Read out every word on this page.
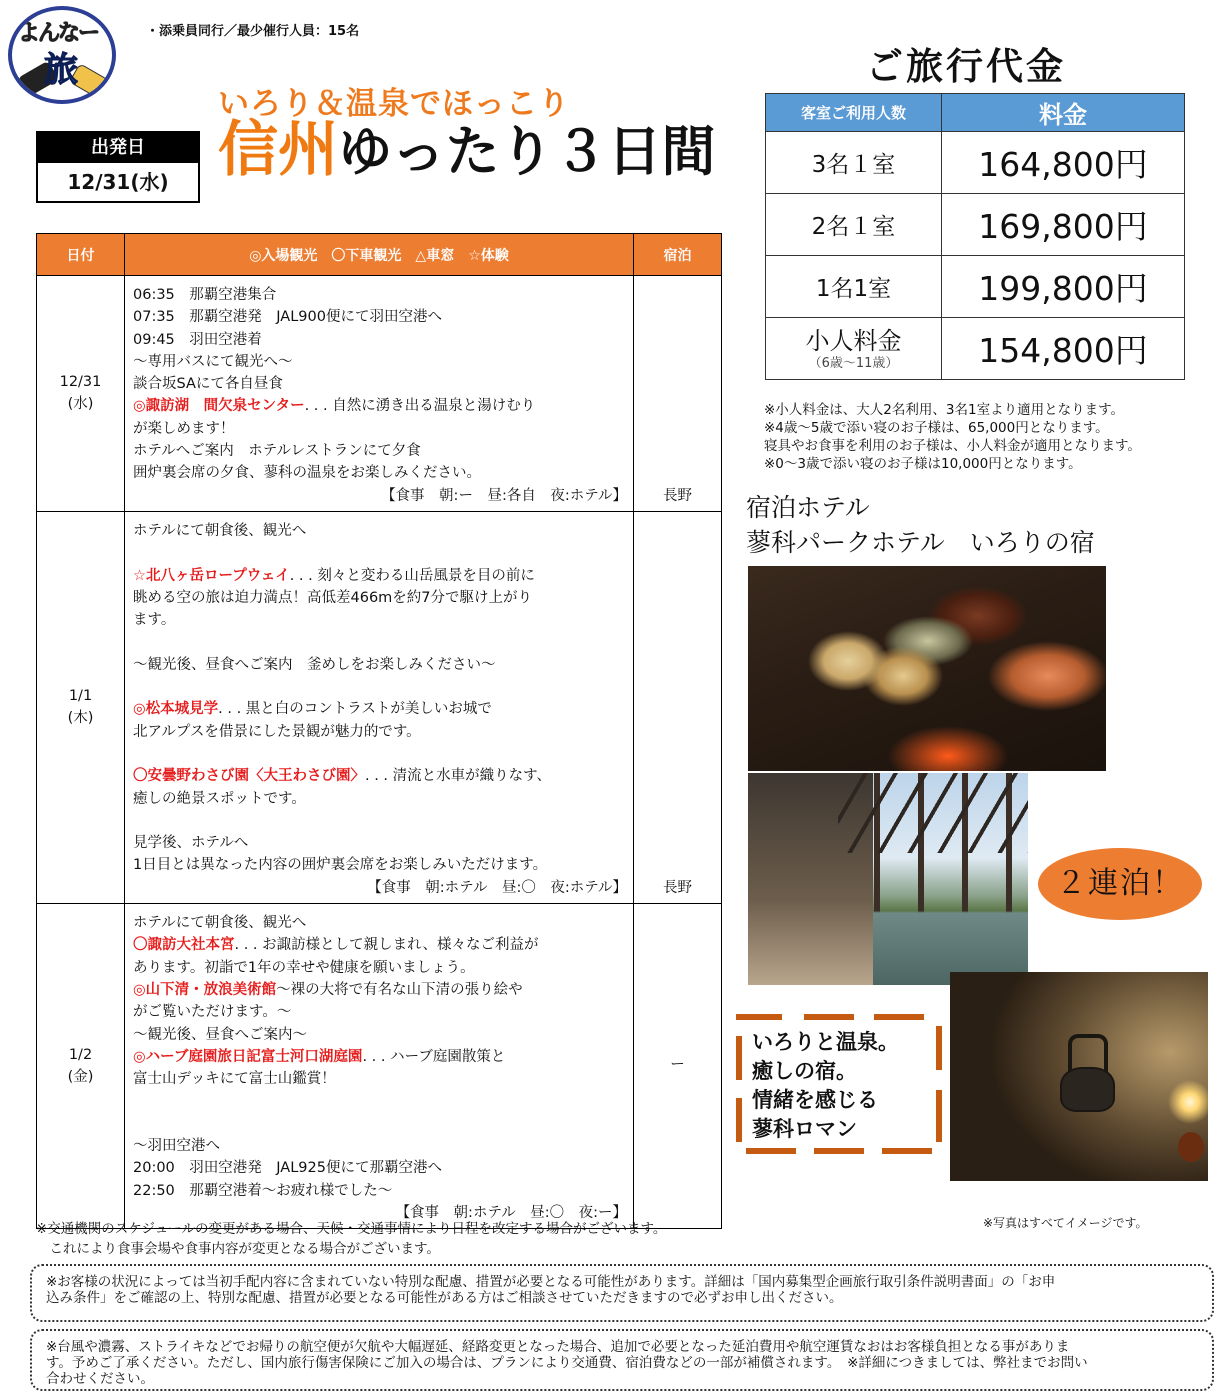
よんなー
旅
・添乗員同行／最少催行人員：15名
いろり＆温泉でほっこり
信州ゆったり３日間
出発日
12/31(水)
日付	◎入場観光　〇下車観光　△車窓　☆体験	宿泊

12/31
(水)

06:35　那覇空港集合
07:35　那覇空港発　JAL900便にて羽田空港へ
09:45　羽田空港着
～専用バスにて観光へ～
談合坂SAにて各自昼食
◎諏訪湖　間欠泉センター. . . 自然に湧き出る温泉と湯けむり
が楽しめます！
ホテルへご案内　ホテルレストランにて夕食
囲炉裏会席の夕食、蓼科の温泉をお楽しみください。
【食事　朝:ー　昼:各自　夜:ホテル】	長野

1/1
(木)

ホテルにて朝食後、観光へ
☆北八ヶ岳ロープウェイ. . . 刻々と変わる山岳風景を目の前に
眺める空の旅は迫力満点！高低差466mを約7分で駆け上がり
ます。
～観光後、昼食へご案内　釜めしをお楽しみください～
◎松本城見学. . . 黒と白のコントラストが美しいお城で
北アルプスを借景にした景観が魅力的です。
〇安曇野わさび園〈大王わさび園〉. . . 清流と水車が織りなす、
癒しの絶景スポットです。
見学後、ホテルへ
1日目とは異なった内容の囲炉裏会席をお楽しみいただけます。
【食事　朝:ホテル　昼:〇　夜:ホテル】	長野

1/2
(金)

ホテルにて朝食後、観光へ
〇諏訪大社本宮. . . お諏訪様として親しまれ、様々なご利益が
あります。初詣で1年の幸せや健康を願いましょう。
◎山下清・放浪美術館～裸の大将で有名な山下清の張り絵や
がご覧いただけます。～
～観光後、昼食へご案内～
◎ハーブ庭園旅日記富士河口湖庭園. . . ハーブ庭園散策と
富士山デッキにて富士山鑑賞！
～羽田空港へ
20:00　羽田空港発　JAL925便にて那覇空港へ
22:50　那覇空港着～お疲れ様でした～
【食事　朝:ホテル　昼:〇　夜:ー】
	ー
※交通機関のスケジュールの変更がある場合、天候・交通事情により日程を改定する場合がございます。
　これにより食事会場や食事内容が変更となる場合がございます。
※お客様の状況によっては当初手配内容に含まれていない特別な配慮、措置が必要となる可能性があります。詳細は「国内募集型企画旅行取引条件説明書面」の「お申
込み条件」をご確認の上、特別な配慮、措置が必要となる可能性がある方はご相談させていただきますので必ずお申し出ください。
※台風や濃霧、ストライキなどでお帰りの航空便が欠航や大幅遅延、経路変更となった場合、追加で必要となった延泊費用や航空運賃なおはお客様負担となる事がありま
す。予めご了承ください。ただし、国内旅行傷害保険にご加入の場合は、プランにより交通費、宿泊費などの一部が補償されます。　※詳細につきましては、弊社までお問い
合わせください。
ご旅行代金
客室ご利用人数	料金
3名１室	164,800円
2名１室	169,800円
1名1室	199,800円

小人料金
（6歳～11歳）	154,800円
※小人料金は、大人2名利用、3名1室より適用となります。
※4歳～5歳で添い寝のお子様は、65,000円となります。
寝具やお食事を利用のお子様は、小人料金が適用となります。
※0～3歳で添い寝のお子様は10,000円となります。
宿泊ホテル
蓼科パークホテル　いろりの宿
２連泊！
いろりと温泉。
癒しの宿。
情緒を感じる
蓼科ロマン
※写真はすべてイメージです。
